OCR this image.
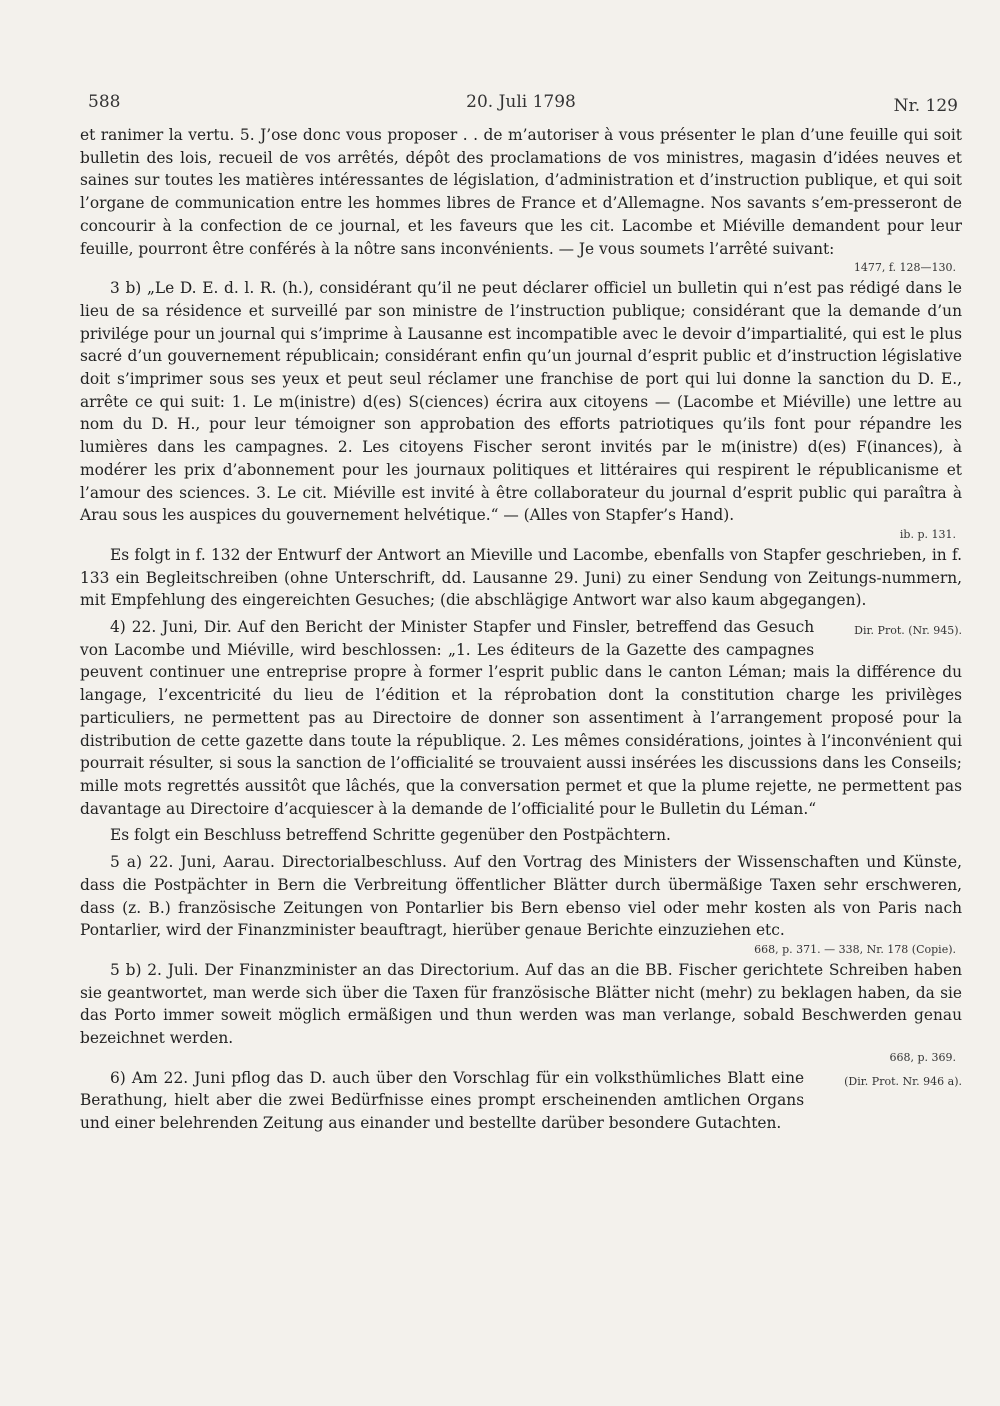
588	20. Juli 1798	Nr. 129

et ranimer la vertu. 5. J’ose donc vous proposer . . de m’autoriser à vous présenter le plan d’une feuille qui soit bulletin des lois, recueil de vos arrêtés, dépôt des proclamations de vos ministres, magasin d’idées neuves et saines sur toutes les matières intéressantes de législation, d’administration et d’instruction publique, et qui soit l’organe de communication entre les hommes libres de France et d’Allemagne. Nos savants s’em-presseront de concourir à la confection de ce journal, et les faveurs que les cit. Lacombe et Miéville demandent pour leur feuille, pourront être conférés à la nôtre sans inconvénients. — Je vous soumets l’arrêté suivant:

1477, f. 128—130.

3 b) „Le D. E. d. l. R. (h.), considérant qu’il ne peut déclarer officiel un bulletin qui n’est pas rédigé dans le lieu de sa résidence et surveillé par son ministre de l’instruction publique; considérant que la demande d’un privilége pour un journal qui s’imprime à Lausanne est incompatible avec le devoir d’impartialité, qui est le plus sacré d’un gouvernement républicain; considérant enfin qu’un journal d’esprit public et d’instruction législative doit s’imprimer sous ses yeux et peut seul réclamer une franchise de port qui lui donne la sanction du D. E., arrête ce qui suit: 1. Le m(inistre) d(es) S(ciences) écrira aux citoyens — (Lacombe et Miéville) une lettre au nom du D. H., pour leur témoigner son approbation des efforts patriotiques qu’ils font pour répandre les lumières dans les campagnes. 2. Les citoyens Fischer seront invités par le m(inistre) d(es) F(inances), à modérer les prix d’abonnement pour les journaux politiques et littéraires qui respirent le républicanisme et l’amour des sciences. 3. Le cit. Miéville est invité à être collaborateur du journal d’esprit public qui paraîtra à Arau sous les auspices du gouvernement helvétique.“ — (Alles von Stapfer’s Hand).

ib. p. 131.

Es folgt in f. 132 der Entwurf der Antwort an Mieville und Lacombe, ebenfalls von Stapfer geschrieben, in f. 133 ein Begleitschreiben (ohne Unterschrift, dd. Lausanne 29. Juni) zu einer Sendung von Zeitungs-nummern, mit Empfehlung des eingereichten Gesuches; (die abschlägige Antwort war also kaum abgegangen).

Dir. Prot. (Nr. 945).
4) 22. Juni, Dir. Auf den Bericht der Minister Stapfer und Finsler, betreffend das Gesuch von Lacombe und Miéville, wird beschlossen: „1. Les éditeurs de la Gazette des campagnes peuvent continuer une entreprise propre à former l’esprit public dans le canton Léman; mais la différence du langage, l’excentricité du lieu de l’édition et la réprobation dont la constitution charge les privilèges particuliers, ne permettent pas au Directoire de donner son assentiment à l’arrangement proposé pour la distribution de cette gazette dans toute la république. 2. Les mêmes considérations, jointes à l’inconvénient qui pourrait résulter, si sous la sanction de l’officialité se trouvaient aussi insérées les discussions dans les Conseils; mille mots regrettés aussitôt que lâchés, que la conversation permet et que la plume rejette, ne permettent pas davantage au Directoire d’acquiescer à la demande de l’officialité pour le Bulletin du Léman.“

Es folgt ein Beschluss betreffend Schritte gegenüber den Postpächtern.

5 a) 22. Juni, Aarau. Directorialbeschluss. Auf den Vortrag des Ministers der Wissenschaften und Künste, dass die Postpächter in Bern die Verbreitung öffentlicher Blätter durch übermäßige Taxen sehr erschweren, dass (z. B.) französische Zeitungen von Pontarlier bis Bern ebenso viel oder mehr kosten als von Paris nach Pontarlier, wird der Finanzminister beauftragt, hierüber genaue Berichte einzuziehen etc.

668, p. 371. — 338, Nr. 178 (Copie).

5 b) 2. Juli. Der Finanzminister an das Directorium. Auf das an die BB. Fischer gerichtete Schreiben haben sie geantwortet, man werde sich über die Taxen für französische Blätter nicht (mehr) zu beklagen haben, da sie das Porto immer soweit möglich ermäßigen und thun werden was man verlange, sobald Beschwerden genau bezeichnet werden.

668, p. 369.

(Dir. Prot. Nr. 946 a).
6) Am 22. Juni pflog das D. auch über den Vorschlag für ein volksthümliches Blatt eine Berathung, hielt aber die zwei Bedürfnisse eines prompt erscheinenden amtlichen Organs und einer belehrenden Zeitung aus einander und bestellte darüber besondere Gutachten.
